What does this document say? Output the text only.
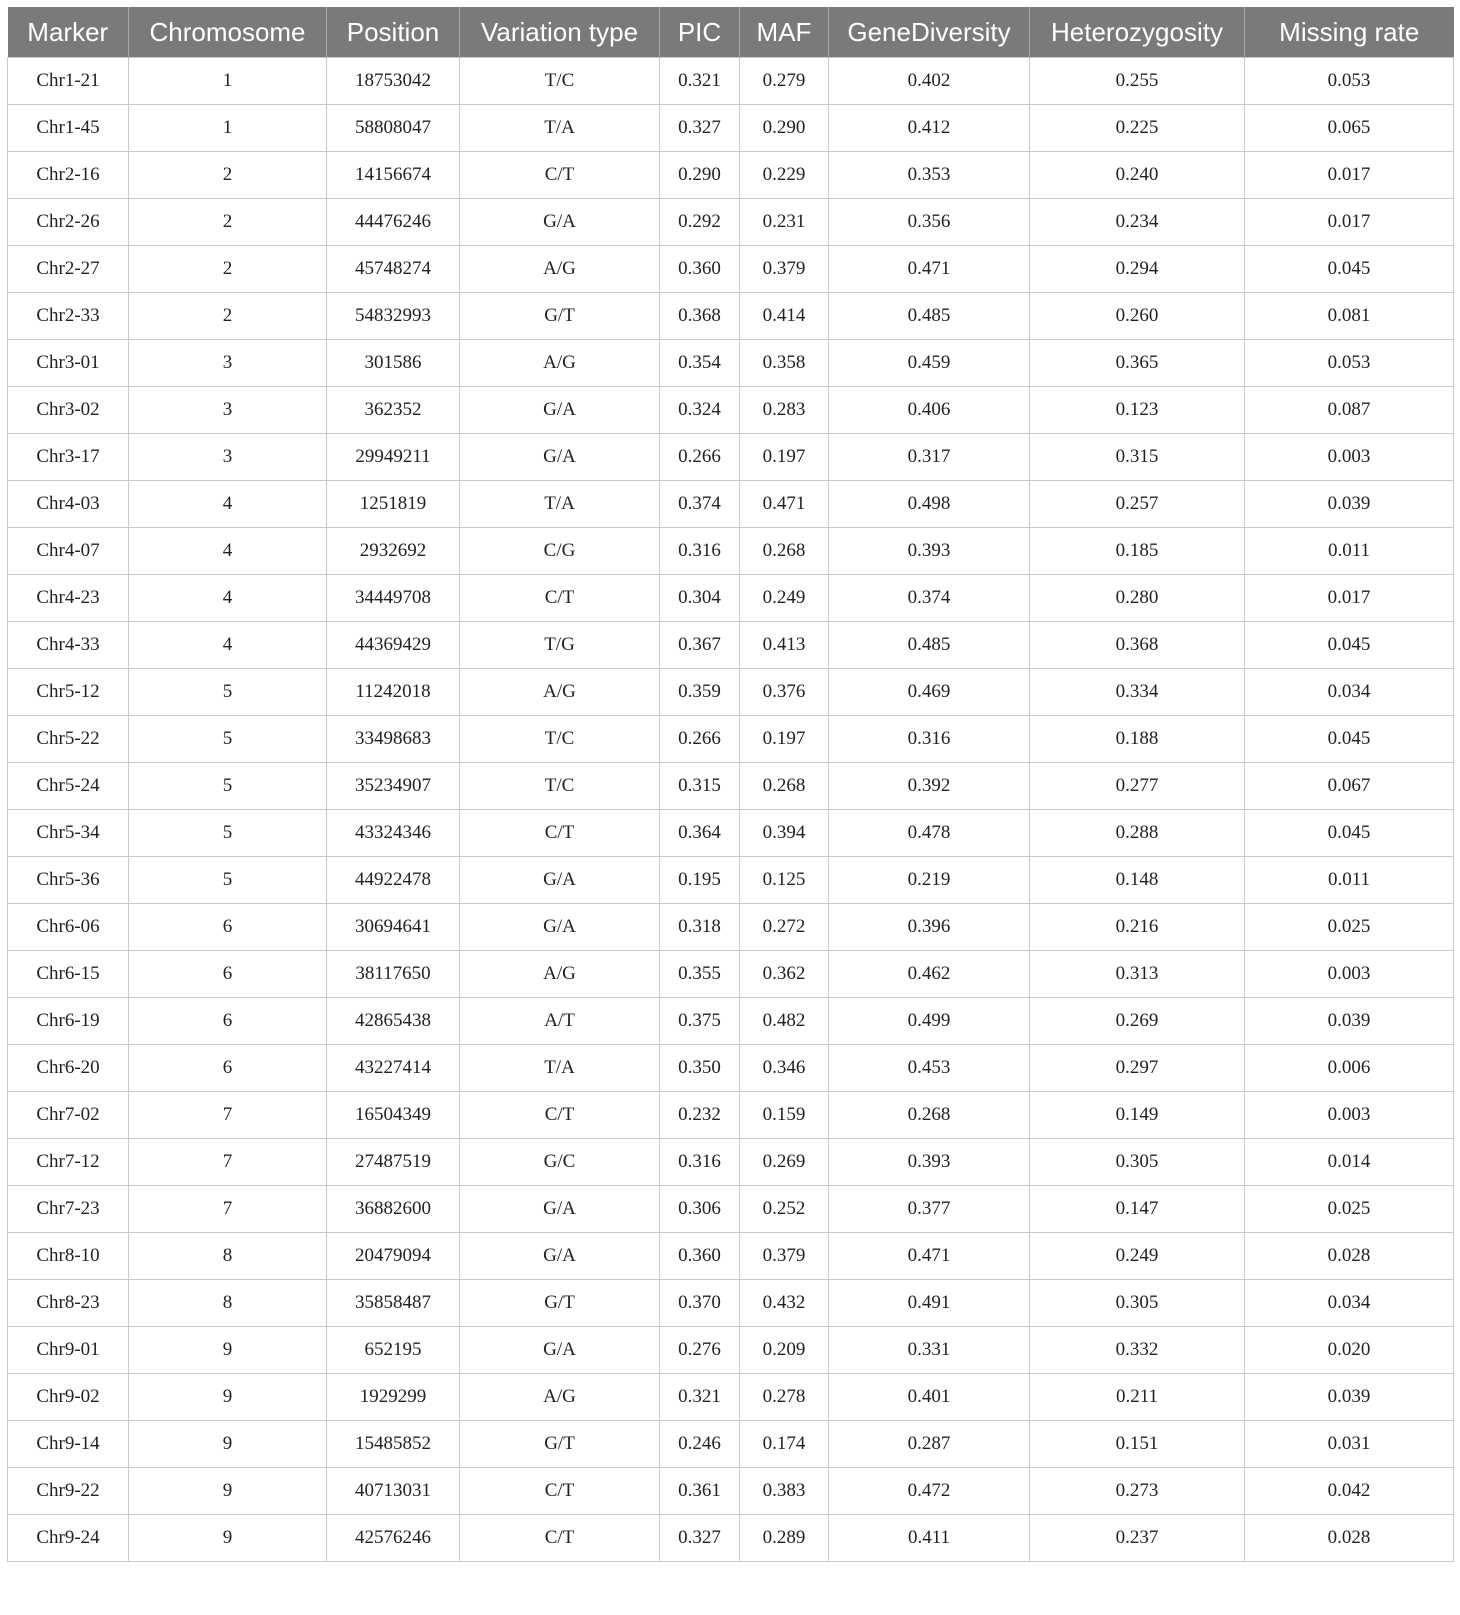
Marker	Chromosome	Position	Variation type	PIC	MAF	GeneDiversity	Heterozygosity	Missing rate
Chr1-21	1	18753042	T/C	0.321	0.279	0.402	0.255	0.053
Chr1-45	1	58808047	T/A	0.327	0.290	0.412	0.225	0.065
Chr2-16	2	14156674	C/T	0.290	0.229	0.353	0.240	0.017
Chr2-26	2	44476246	G/A	0.292	0.231	0.356	0.234	0.017
Chr2-27	2	45748274	A/G	0.360	0.379	0.471	0.294	0.045
Chr2-33	2	54832993	G/T	0.368	0.414	0.485	0.260	0.081
Chr3-01	3	301586	A/G	0.354	0.358	0.459	0.365	0.053
Chr3-02	3	362352	G/A	0.324	0.283	0.406	0.123	0.087
Chr3-17	3	29949211	G/A	0.266	0.197	0.317	0.315	0.003
Chr4-03	4	1251819	T/A	0.374	0.471	0.498	0.257	0.039
Chr4-07	4	2932692	C/G	0.316	0.268	0.393	0.185	0.011
Chr4-23	4	34449708	C/T	0.304	0.249	0.374	0.280	0.017
Chr4-33	4	44369429	T/G	0.367	0.413	0.485	0.368	0.045
Chr5-12	5	11242018	A/G	0.359	0.376	0.469	0.334	0.034
Chr5-22	5	33498683	T/C	0.266	0.197	0.316	0.188	0.045
Chr5-24	5	35234907	T/C	0.315	0.268	0.392	0.277	0.067
Chr5-34	5	43324346	C/T	0.364	0.394	0.478	0.288	0.045
Chr5-36	5	44922478	G/A	0.195	0.125	0.219	0.148	0.011
Chr6-06	6	30694641	G/A	0.318	0.272	0.396	0.216	0.025
Chr6-15	6	38117650	A/G	0.355	0.362	0.462	0.313	0.003
Chr6-19	6	42865438	A/T	0.375	0.482	0.499	0.269	0.039
Chr6-20	6	43227414	T/A	0.350	0.346	0.453	0.297	0.006
Chr7-02	7	16504349	C/T	0.232	0.159	0.268	0.149	0.003
Chr7-12	7	27487519	G/C	0.316	0.269	0.393	0.305	0.014
Chr7-23	7	36882600	G/A	0.306	0.252	0.377	0.147	0.025
Chr8-10	8	20479094	G/A	0.360	0.379	0.471	0.249	0.028
Chr8-23	8	35858487	G/T	0.370	0.432	0.491	0.305	0.034
Chr9-01	9	652195	G/A	0.276	0.209	0.331	0.332	0.020
Chr9-02	9	1929299	A/G	0.321	0.278	0.401	0.211	0.039
Chr9-14	9	15485852	G/T	0.246	0.174	0.287	0.151	0.031
Chr9-22	9	40713031	C/T	0.361	0.383	0.472	0.273	0.042
Chr9-24	9	42576246	C/T	0.327	0.289	0.411	0.237	0.028
